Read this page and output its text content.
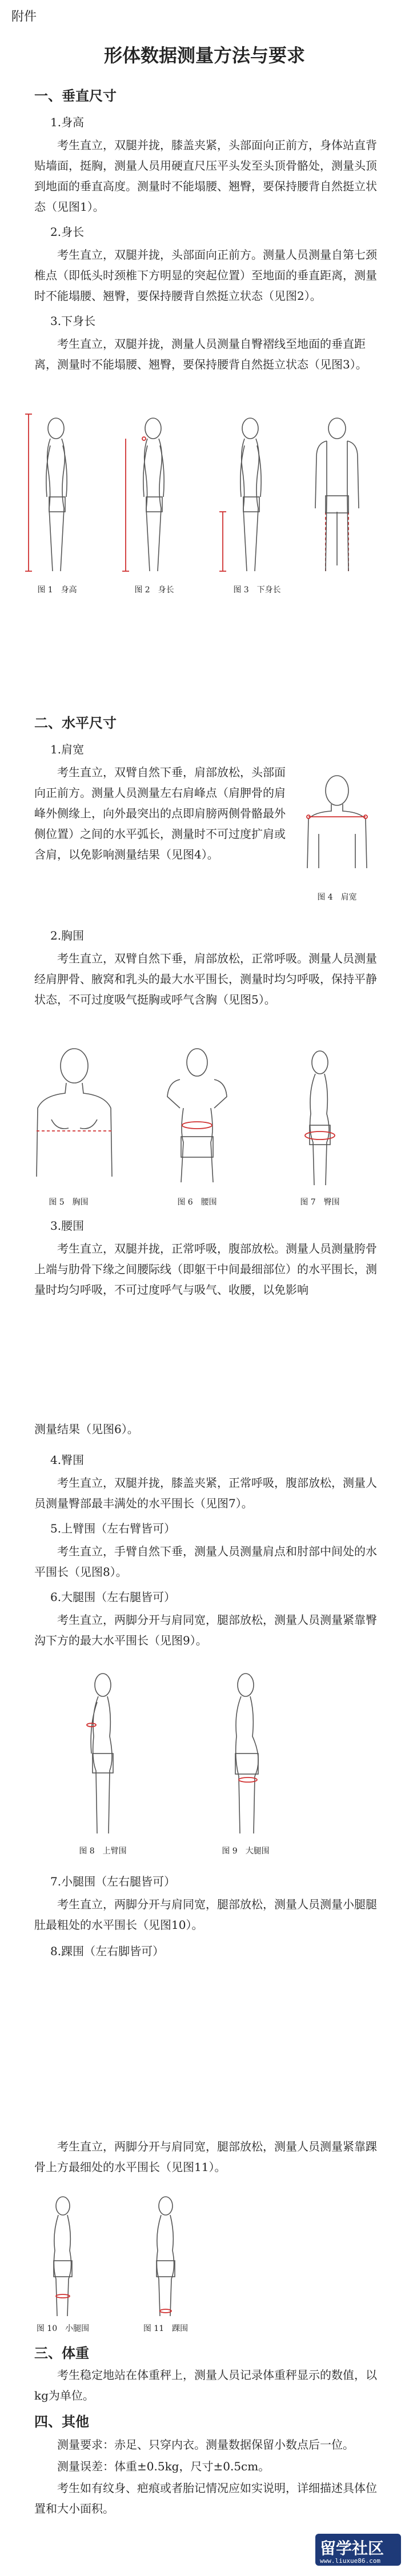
附件
形体数据测量方法与要求
一、垂直尺寸
1.身高
考生直立，双腿并拢，膝盖夹紧，头部面向正前方，身体站直背贴墙面，挺胸，测量人员用硬直尺压平头发至头顶骨骼处，测量头顶到地面的垂直高度。测量时不能塌腰、翘臀，要保持腰背自然挺立状态（见图1）。
2.身长
考生直立，双腿并拢，头部面向正前方。测量人员测量自第七颈椎点（即低头时颈椎下方明显的突起位置）至地面的垂直距离，测量时不能塌腰、翘臀，要保持腰背自然挺立状态（见图2）。
3.下身长
考生直立，双腿并拢，测量人员测量自臀褶线至地面的垂直距离，测量时不能塌腰、翘臀，要保持腰背自然挺立状态（见图3）。
图 1　身高	图 2　身长	图 3　下身长
二、水平尺寸
1.肩宽
考生直立，双臂自然下垂，肩部放松，头部面向正前方。测量人员测量左右肩峰点（肩胛骨的肩峰外侧缘上，向外最突出的点即肩膀两侧骨骼最外侧位置）之间的水平弧长，测量时不可过度扩肩或含肩，以免影响测量结果（见图4）。
图 4　肩宽
2.胸围
考生直立，双臂自然下垂，肩部放松，正常呼吸。测量人员测量经肩胛骨、腋窝和乳头的最大水平围长，测量时均匀呼吸，保持平静状态，不可过度吸气挺胸或呼气含胸（见图5）。
图 5　胸围	图 6　腰围	图 7　臀围
3.腰围
考生直立，双腿并拢，正常呼吸，腹部放松。测量人员测量胯骨上端与肋骨下缘之间腰际线（即躯干中间最细部位）的水平围长，测量时均匀呼吸，不可过度呼气与吸气、收腰，以免影响
测量结果（见图6）。
4.臀围
考生直立，双腿并拢，膝盖夹紧，正常呼吸，腹部放松，测量人员测量臀部最丰满处的水平围长（见图7）。
5.上臂围（左右臂皆可）
考生直立，手臂自然下垂，测量人员测量肩点和肘部中间处的水平围长（见图8）。
6.大腿围（左右腿皆可）
考生直立，两脚分开与肩同宽，腿部放松，测量人员测量紧靠臀沟下方的最大水平围长（见图9）。
图 8　上臂围	图 9　大腿围
7.小腿围（左右腿皆可）
考生直立，两脚分开与肩同宽，腿部放松，测量人员测量小腿腿肚最粗处的水平围长（见图10）。
8.踝围（左右脚皆可）
考生直立，两脚分开与肩同宽，腿部放松，测量人员测量紧靠踝骨上方最细处的水平围长（见图11）。
图 10　小腿围	图 11　踝围
三、体重
考生稳定地站在体重秤上，测量人员记录体重秤显示的数值，以kg为单位。
四、其他
测量要求：赤足、只穿内衣。测量数据保留小数点后一位。
测量误差：体重±0.5kg，尺寸±0.5cm。
考生如有纹身、疤痕或者胎记情况应如实说明，详细描述具体位置和大小面积。
留学社区
www.liuxue86.com
